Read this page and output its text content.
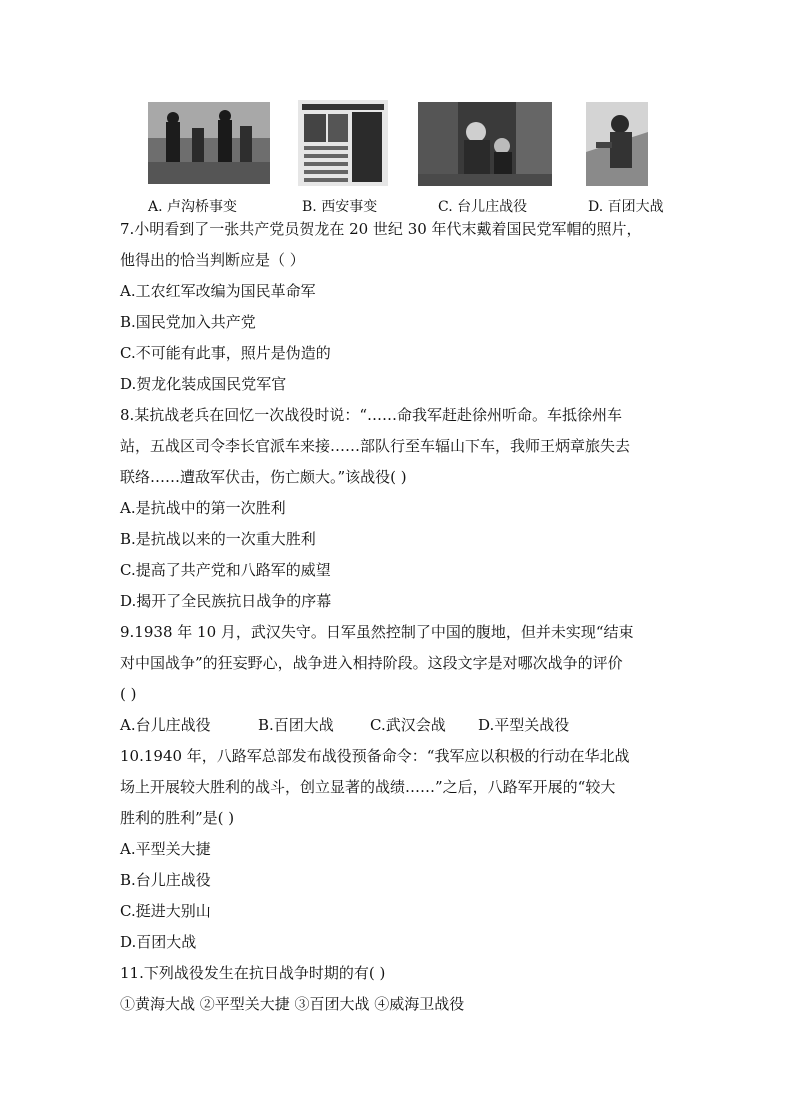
A. 卢沟桥事变	B. 西安事变	C. 台儿庄战役	D. 百团大战
7.小明看到了一张共产党员贺龙在 20 世纪 30 年代末戴着国民党军帽的照片，
他得出的恰当判断应是（ ）
A.工农红军改编为国民革命军
B.国民党加入共产党
C.不可能有此事，照片是伪造的
D.贺龙化装成国民党军官
8.某抗战老兵在回忆一次战役时说：“……命我军赶赴徐州听命。车抵徐州车
站，五战区司令李长官派车来接……部队行至车辐山下车，我师王炳章旅失去
联络……遭敌军伏击，伤亡颇大。”该战役( )
A.是抗战中的第一次胜利
B.是抗战以来的一次重大胜利
C.提高了共产党和八路军的威望
D.揭开了全民族抗日战争的序幕
9.1938 年 10 月，武汉失守。日军虽然控制了中国的腹地，但并未实现“结束
对中国战争”的狂妄野心，战争进入相持阶段。这段文字是对哪次战争的评价
( )
A.台儿庄战役	B.百团大战 C.武汉会战 D.平型关战役
10.1940 年，八路军总部发布战役预备命令：“我军应以积极的行动在华北战
场上开展较大胜利的战斗，创立显著的战绩……”之后，八路军开展的“较大
胜利的胜利”是( )
A.平型关大捷
B.台儿庄战役
C.挺进大别山
D.百团大战
11.下列战役发生在抗日战争时期的有( )
①黄海大战 ②平型关大捷 ③百团大战 ④威海卫战役
